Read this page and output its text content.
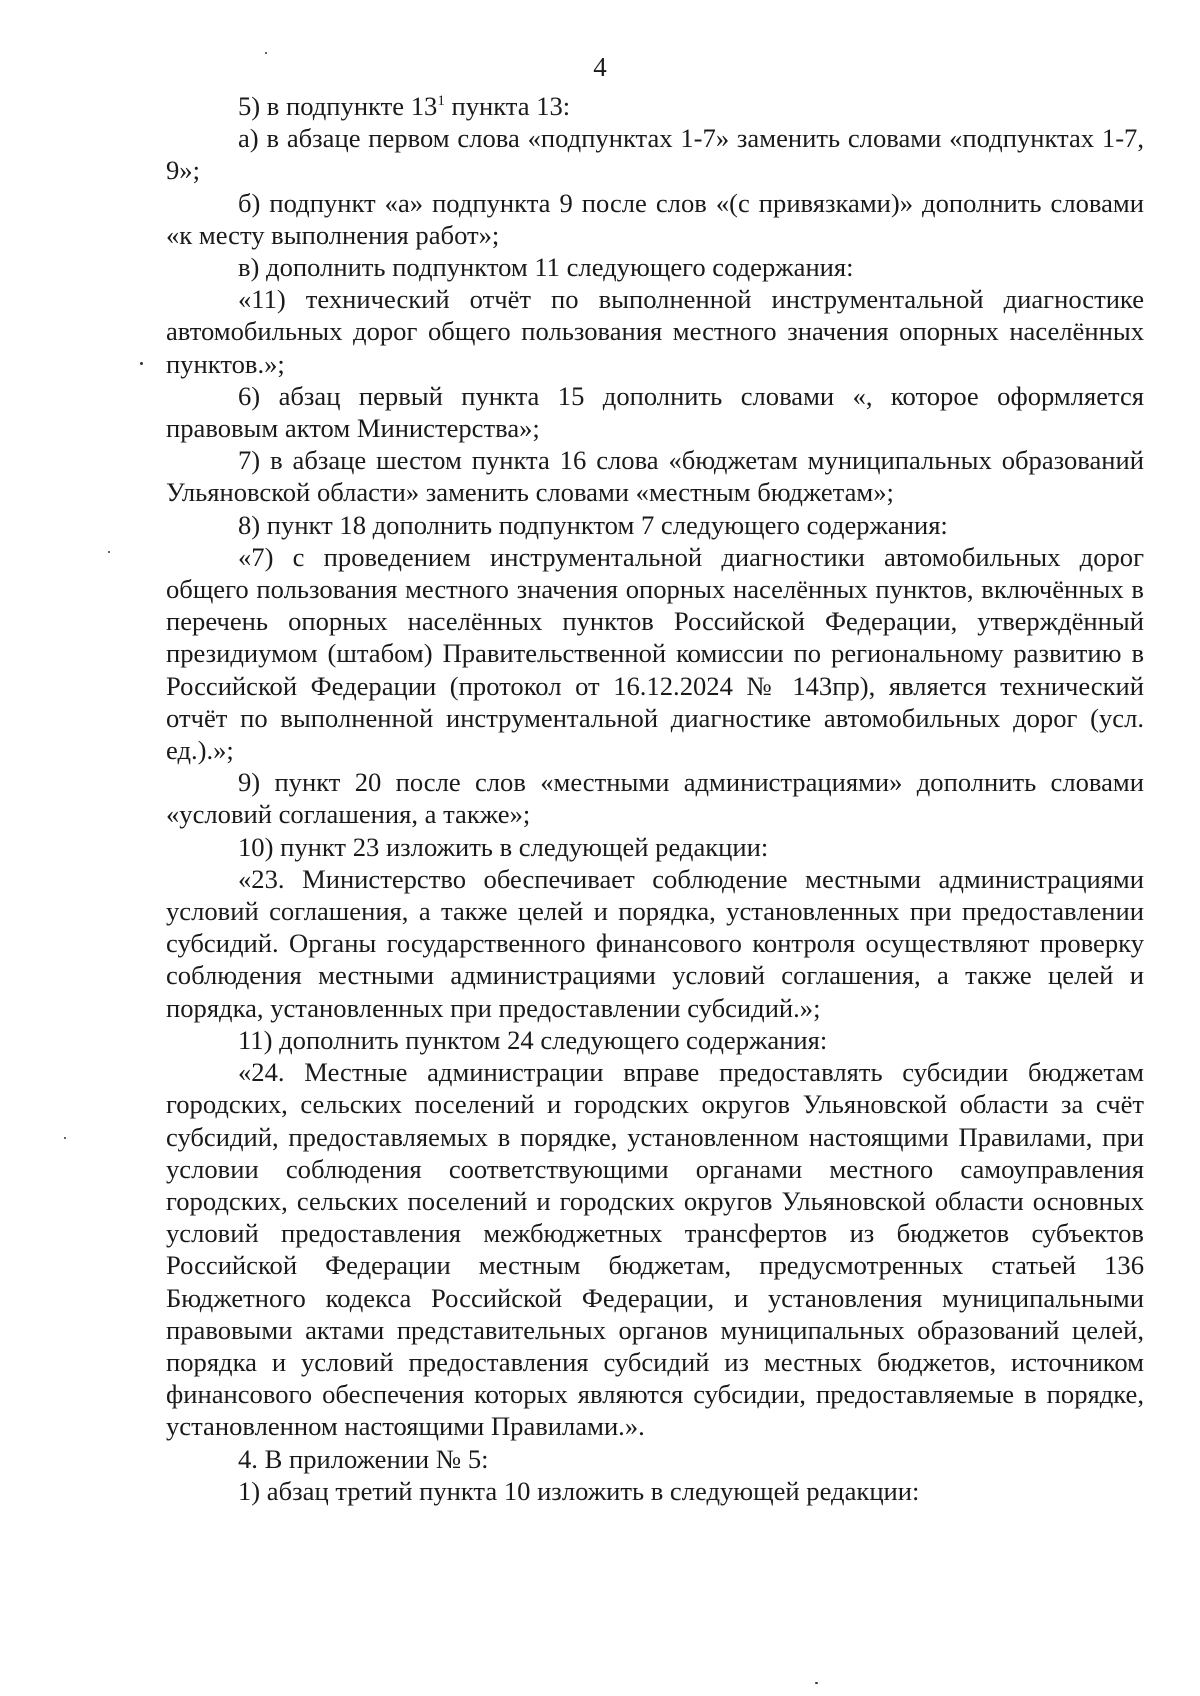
4

5) в подпункте $13^1$ пункта 13:

а) в абзаце первом слова «подпунктах 1-7» заменить словами «подпунктах 1-7, 9»;

б) подпункт «а» подпункта 9 после слов «(с привязками)» дополнить словами «к месту выполнения работ»;

в) дополнить подпунктом 11 следующего содержания:

«11) технический отчёт по выполненной инструментальной диагностике автомобильных дорог общего пользования местного значения опорных населённых пунктов.»;

6) абзац первый пункта 15 дополнить словами «, которое оформляется правовым актом Министерства»;

7) в абзаце шестом пункта 16 слова «бюджетам муниципальных образований Ульяновской области» заменить словами «местным бюджетам»;

8) пункт 18 дополнить подпунктом 7 следующего содержания:

«7) с проведением инструментальной диагностики автомобильных дорог общего пользования местного значения опорных населённых пунктов, включённых в перечень опорных населённых пунктов Российской Федерации, утверждённый президиумом (штабом) Правительственной комиссии по региональному развитию в Российской Федерации (протокол от 16.12.2024 № 143пр), является технический отчёт по выполненной инструментальной диагностике автомобильных дорог (усл. ед.).»;

9) пункт 20 после слов «местными администрациями» дополнить словами «условий соглашения, а также»;

10) пункт 23 изложить в следующей редакции:

«23. Министерство обеспечивает соблюдение местными администрациями условий соглашения, а также целей и порядка, установленных при предоставлении субсидий. Органы государственного финансового контроля осуществляют проверку соблюдения местными администрациями условий соглашения, а также целей и порядка, установленных при предоставлении субсидий.»;

11) дополнить пунктом 24 следующего содержания:

«24. Местные администрации вправе предоставлять субсидии бюджетам городских, сельских поселений и городских округов Ульяновской области за счёт субсидий, предоставляемых в порядке, установленном настоящими Правилами, при условии соблюдения соответствующими органами местного самоуправления городских, сельских поселений и городских округов Ульяновской области основных условий предоставления межбюджетных трансфертов из бюджетов субъектов Российской Федерации местным бюджетам, предусмотренных статьей 136 Бюджетного кодекса Российской Федерации, и установления муниципальными правовыми актами представительных органов муниципальных образований целей, порядка и условий предоставления субсидий из местных бюджетов, источником финансового обеспечения которых являются субсидии, предоставляемые в порядке, установленном настоящими Правилами.».

4. В приложении № 5:

1) абзац третий пункта 10 изложить в следующей редакции:
